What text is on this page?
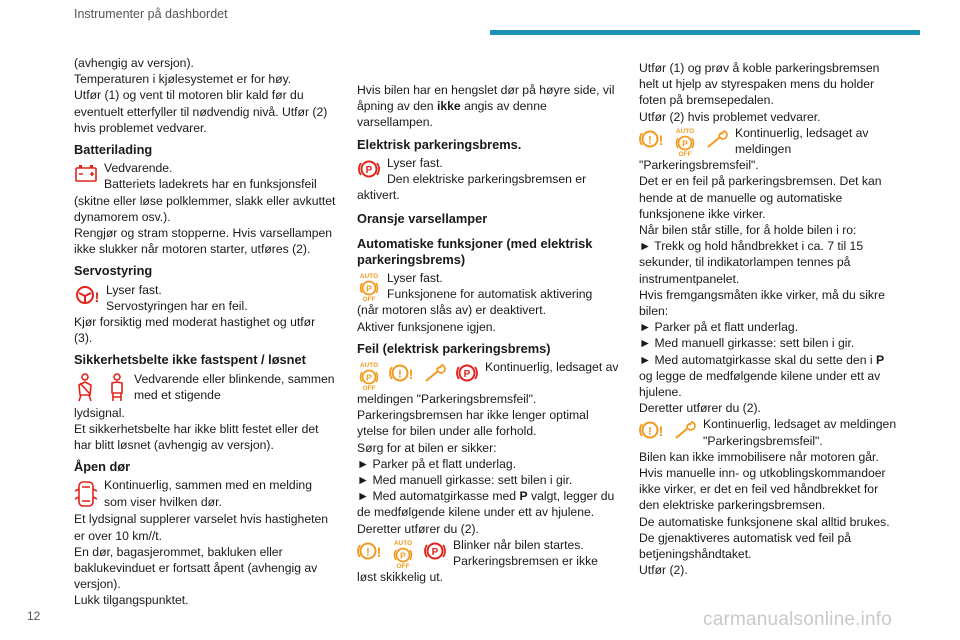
Instrumenter på dashbordet

(avhengig av versjon).

Temperaturen i kjølesystemet er for høy.

Utfør (1) og vent til motoren blir kald før du eventuelt etterfyller til nødvendig nivå. Utfør (2) hvis problemet vedvarer.

Batterilading

Vedvarende.

Batteriets ladekrets har en funksjonsfeil (skitne eller løse polklemmer, slakk eller avkuttet dynamorem osv.).

Rengjør og stram stopperne. Hvis varsellampen ikke slukker når motoren starter, utføres (2).

Servostyring

! Lyser fast.

Servostyringen har en feil.

Kjør forsiktig med moderat hastighet og utfør (3).

Sikkerhetsbelte ikke fastspent / løsnet

Vedvarende eller blinkende, sammen med et stigende

lydsignal.

Et sikkerhetsbelte har ikke blitt festet eller det har blitt løsnet (avhengig av versjon).

Åpen dør

Kontinuerlig, sammen med en melding som viser hvilken dør.

Et lydsignal supplerer varselet hvis hastigheten er over 10 km//t.

En dør, bagasjerommet, bakluken eller baklukevinduet er fortsatt åpent (avhengig av versjon).

Lukk tilgangspunktet.

Hvis bilen har en hengslet dør på høyre side, vil åpning av den ikke angis av denne varsellampen.

Elektrisk parkeringsbrems.

Lyser fast.

Den elektriske parkeringsbremsen er

aktivert.

Oransje varsellamper

Automatiske funksjoner (med elektrisk parkeringsbrems)

Lyser fast.

Funksjonene for automatisk aktivering

(når motoren slås av) er deaktivert.

Aktiver funksjonene igjen.

Feil (elektrisk parkeringsbrems)

Kontinuerlig, ledsaget av

meldingen "Parkeringsbremsfeil".

Parkeringsbremsen har ikke lenger optimal ytelse for bilen under alle forhold.

Sørg for at bilen er sikker:

► Parker på et flatt underlag.

► Med manuell girkasse: sett bilen i gir.

► Med automatgirkasse med P valgt, legger du de medfølgende kilene under ett av hjulene.

Deretter utfører du (2).

Blinker når bilen startes.

Parkeringsbremsen er ikke

løst skikkelig ut.

Utfør (1) og prøv å koble parkeringsbremsen helt ut hjelp av styrespaken mens du holder foten på bremsepedalen.

Utfør (2) hvis problemet vedvarer.

Kontinuerlig, ledsaget av meldingen

"Parkeringsbremsfeil".

Det er en feil på parkeringsbremsen. Det kan hende at de manuelle og automatiske funksjonene ikke virker.

Når bilen står stille, for å holde bilen i ro:

► Trekk og hold håndbrekket i ca. 7 til 15 sekunder, til indikatorlampen tennes på instrumentpanelet.

Hvis fremgangsmåten ikke virker, må du sikre bilen:

► Parker på et flatt underlag.

► Med manuell girkasse: sett bilen i gir.

► Med automatgirkasse skal du sette den i P og legge de medfølgende kilene under ett av hjulene.

Deretter utfører du (2).

Kontinuerlig, ledsaget av meldingen "Parkeringsbremsfeil".

Bilen kan ikke immobilisere når motoren går.

Hvis manuelle inn- og utkoblingskommandoer ikke virker, er det en feil ved håndbrekket for den elektriske parkeringsbremsen.

De automatiske funksjonene skal alltid brukes.

De gjenaktiveres automatisk ved feil på betjeningshåndtaket.

Utfør (2).

12	carmanualsonline.info
